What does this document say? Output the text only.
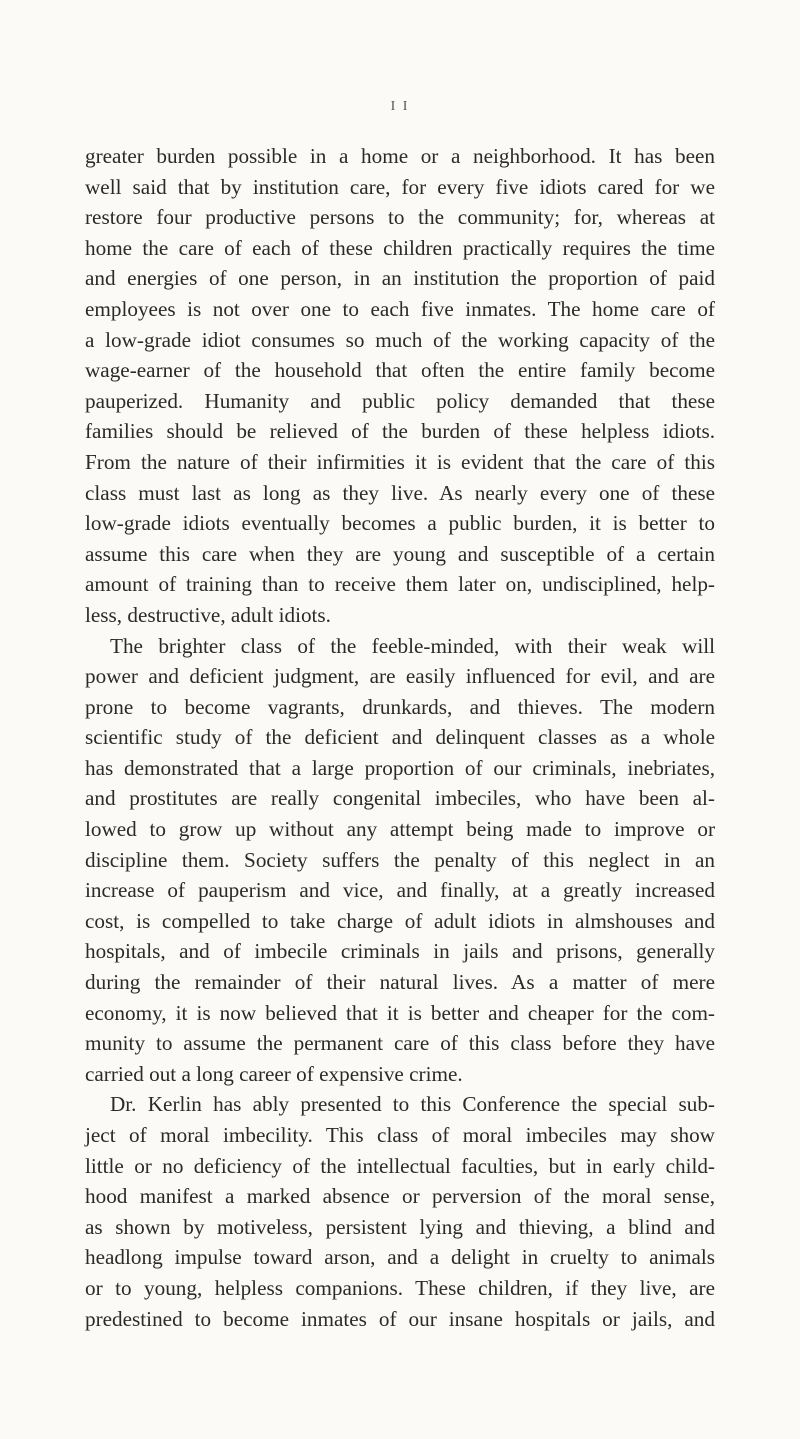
I I
greater burden possible in a home or a neighborhood. It has been
well said that by institution care, for every five idiots cared for we
restore four productive persons to the community; for, whereas at
home the care of each of these children practically requires the time
and energies of one person, in an institution the proportion of paid
employees is not over one to each five inmates. The home care of
a low-grade idiot consumes so much of the working capacity of the
wage-earner of the household that often the entire family become
pauperized. Humanity and public policy demanded that these
families should be relieved of the burden of these helpless idiots.
From the nature of their infirmities it is evident that the care of this
class must last as long as they live. As nearly every one of these
low-grade idiots eventually becomes a public burden, it is better to
assume this care when they are young and susceptible of a certain
amount of training than to receive them later on, undisciplined, help-
less, destructive, adult idiots.
The brighter class of the feeble-minded, with their weak will
power and deficient judgment, are easily influenced for evil, and are
prone to become vagrants, drunkards, and thieves. The modern
scientific study of the deficient and delinquent classes as a whole
has demonstrated that a large proportion of our criminals, inebriates,
and prostitutes are really congenital imbeciles, who have been al-
lowed to grow up without any attempt being made to improve or
discipline them. Society suffers the penalty of this neglect in an
increase of pauperism and vice, and finally, at a greatly increased
cost, is compelled to take charge of adult idiots in almshouses and
hospitals, and of imbecile criminals in jails and prisons, generally
during the remainder of their natural lives. As a matter of mere
economy, it is now believed that it is better and cheaper for the com-
munity to assume the permanent care of this class before they have
carried out a long career of expensive crime.
Dr. Kerlin has ably presented to this Conference the special sub-
ject of moral imbecility. This class of moral imbeciles may show
little or no deficiency of the intellectual faculties, but in early child-
hood manifest a marked absence or perversion of the moral sense,
as shown by motiveless, persistent lying and thieving, a blind and
headlong impulse toward arson, and a delight in cruelty to animals
or to young, helpless companions. These children, if they live, are
predestined to become inmates of our insane hospitals or jails, and
